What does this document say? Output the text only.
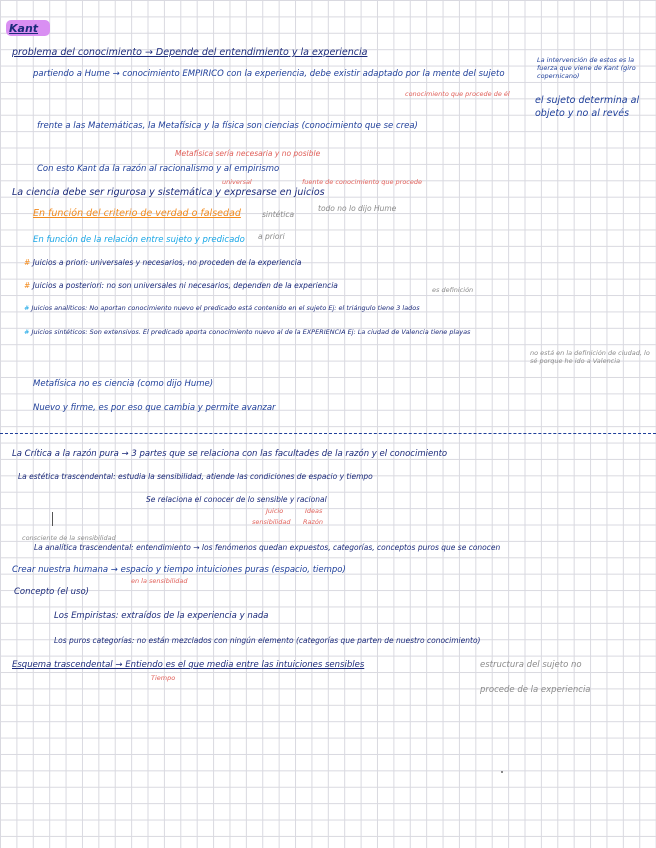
Kant
problema del conocimiento → Depende del entendimiento y la experiencia
La intervención de estos es la fuerza que viene de Kant (giro copernicano)
partiendo a Hume → conocimiento EMPIRICO con la experiencia, debe existir adaptado por la mente del sujeto
conocimiento que procede de él
el sujeto determina al objeto y no al revés
frente a las Matemáticas, la Metafísica y la física son ciencias (conocimiento que se crea)
Metafísica sería necesaria y no posible
Con esto Kant da la razón al racionalismo y al empirismo
universal	fuente de conocimiento que procede
La ciencia debe ser rigurosa y sistemática y expresarse en juicios
En función del criterio de verdad o falsedad	sintética
todo no lo dijo Hume
En función de la relación entre sujeto y predicado a priori
# Juicios a priori: universales y necesarios, no proceden de la experiencia
# Juicios a posteriori: no son universales ni necesarios, dependen de la experiencia	es definición
# Juicios analíticos: No aportan conocimiento nuevo el predicado está contenido en el sujeto Ej: el triángulo tiene 3 lados
# Juicios sintéticos: Son extensivos. El predicado aporta conocimiento nuevo al de la EXPERIENCIA Ej: La ciudad de Valencia tiene playas
no está en la definición de ciudad, lo sé porque he ido a Valencia
Metafísica no es ciencia (como dijo Hume)
Nuevo y firme, es por eso que cambia y permite avanzar
La Crítica a la razón pura → 3 partes que se relaciona con las facultades de la razón y el conocimiento
La estética trascendental: estudia la sensibilidad, atiende las condiciones de espacio y tiempo
Se relaciona el conocer de lo sensible y racional
Juicio	Ideas
sensibilidad Razón
consciente de la sensibilidad
La analítica trascendental: entendimiento → los fenómenos quedan expuestos, categorías, conceptos puros que se conocen
Crear nuestra humana → espacio y tiempo intuiciones puras (espacio, tiempo)
en la sensibilidad
Concepto (el uso)
Los Empiristas: extraídos de la experiencia y nada
Los puros categorías: no están mezclados con ningún elemento (categorías que parten de nuestro conocimiento)
Esquema trascendental → Entiendo es el que media entre las intuiciones sensibles
Tiempo
estructura del sujeto no
procede de la experiencia
